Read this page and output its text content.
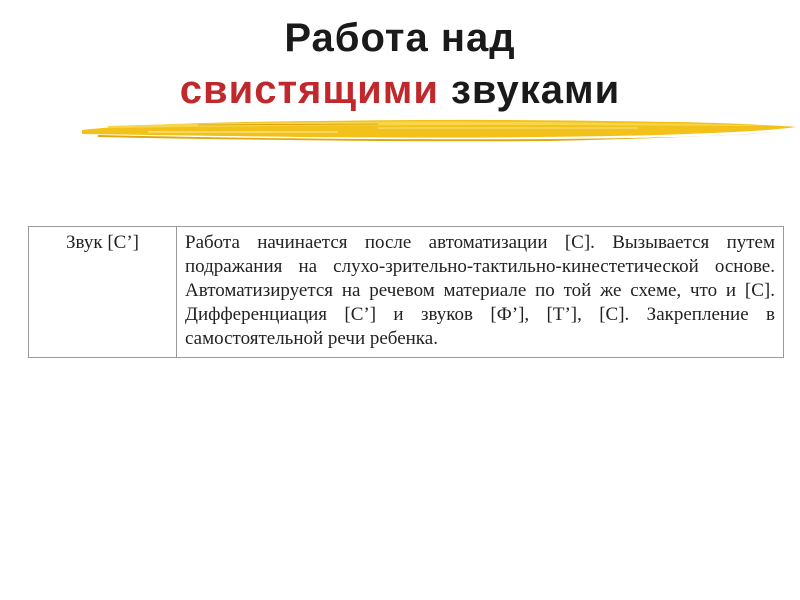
Работа над
свистящими звуками
Звук [С’]	Работа начинается после автоматизации [С]. Вызывается путем подражания на слухо-зрительно-тактильно-кинестетической основе. Автоматизируется на речевом материале по той же схеме, что и [С]. Дифференциация [С’] и звуков [Ф’], [Т’], [С]. Закрепление в самостоятельной речи ребенка.
